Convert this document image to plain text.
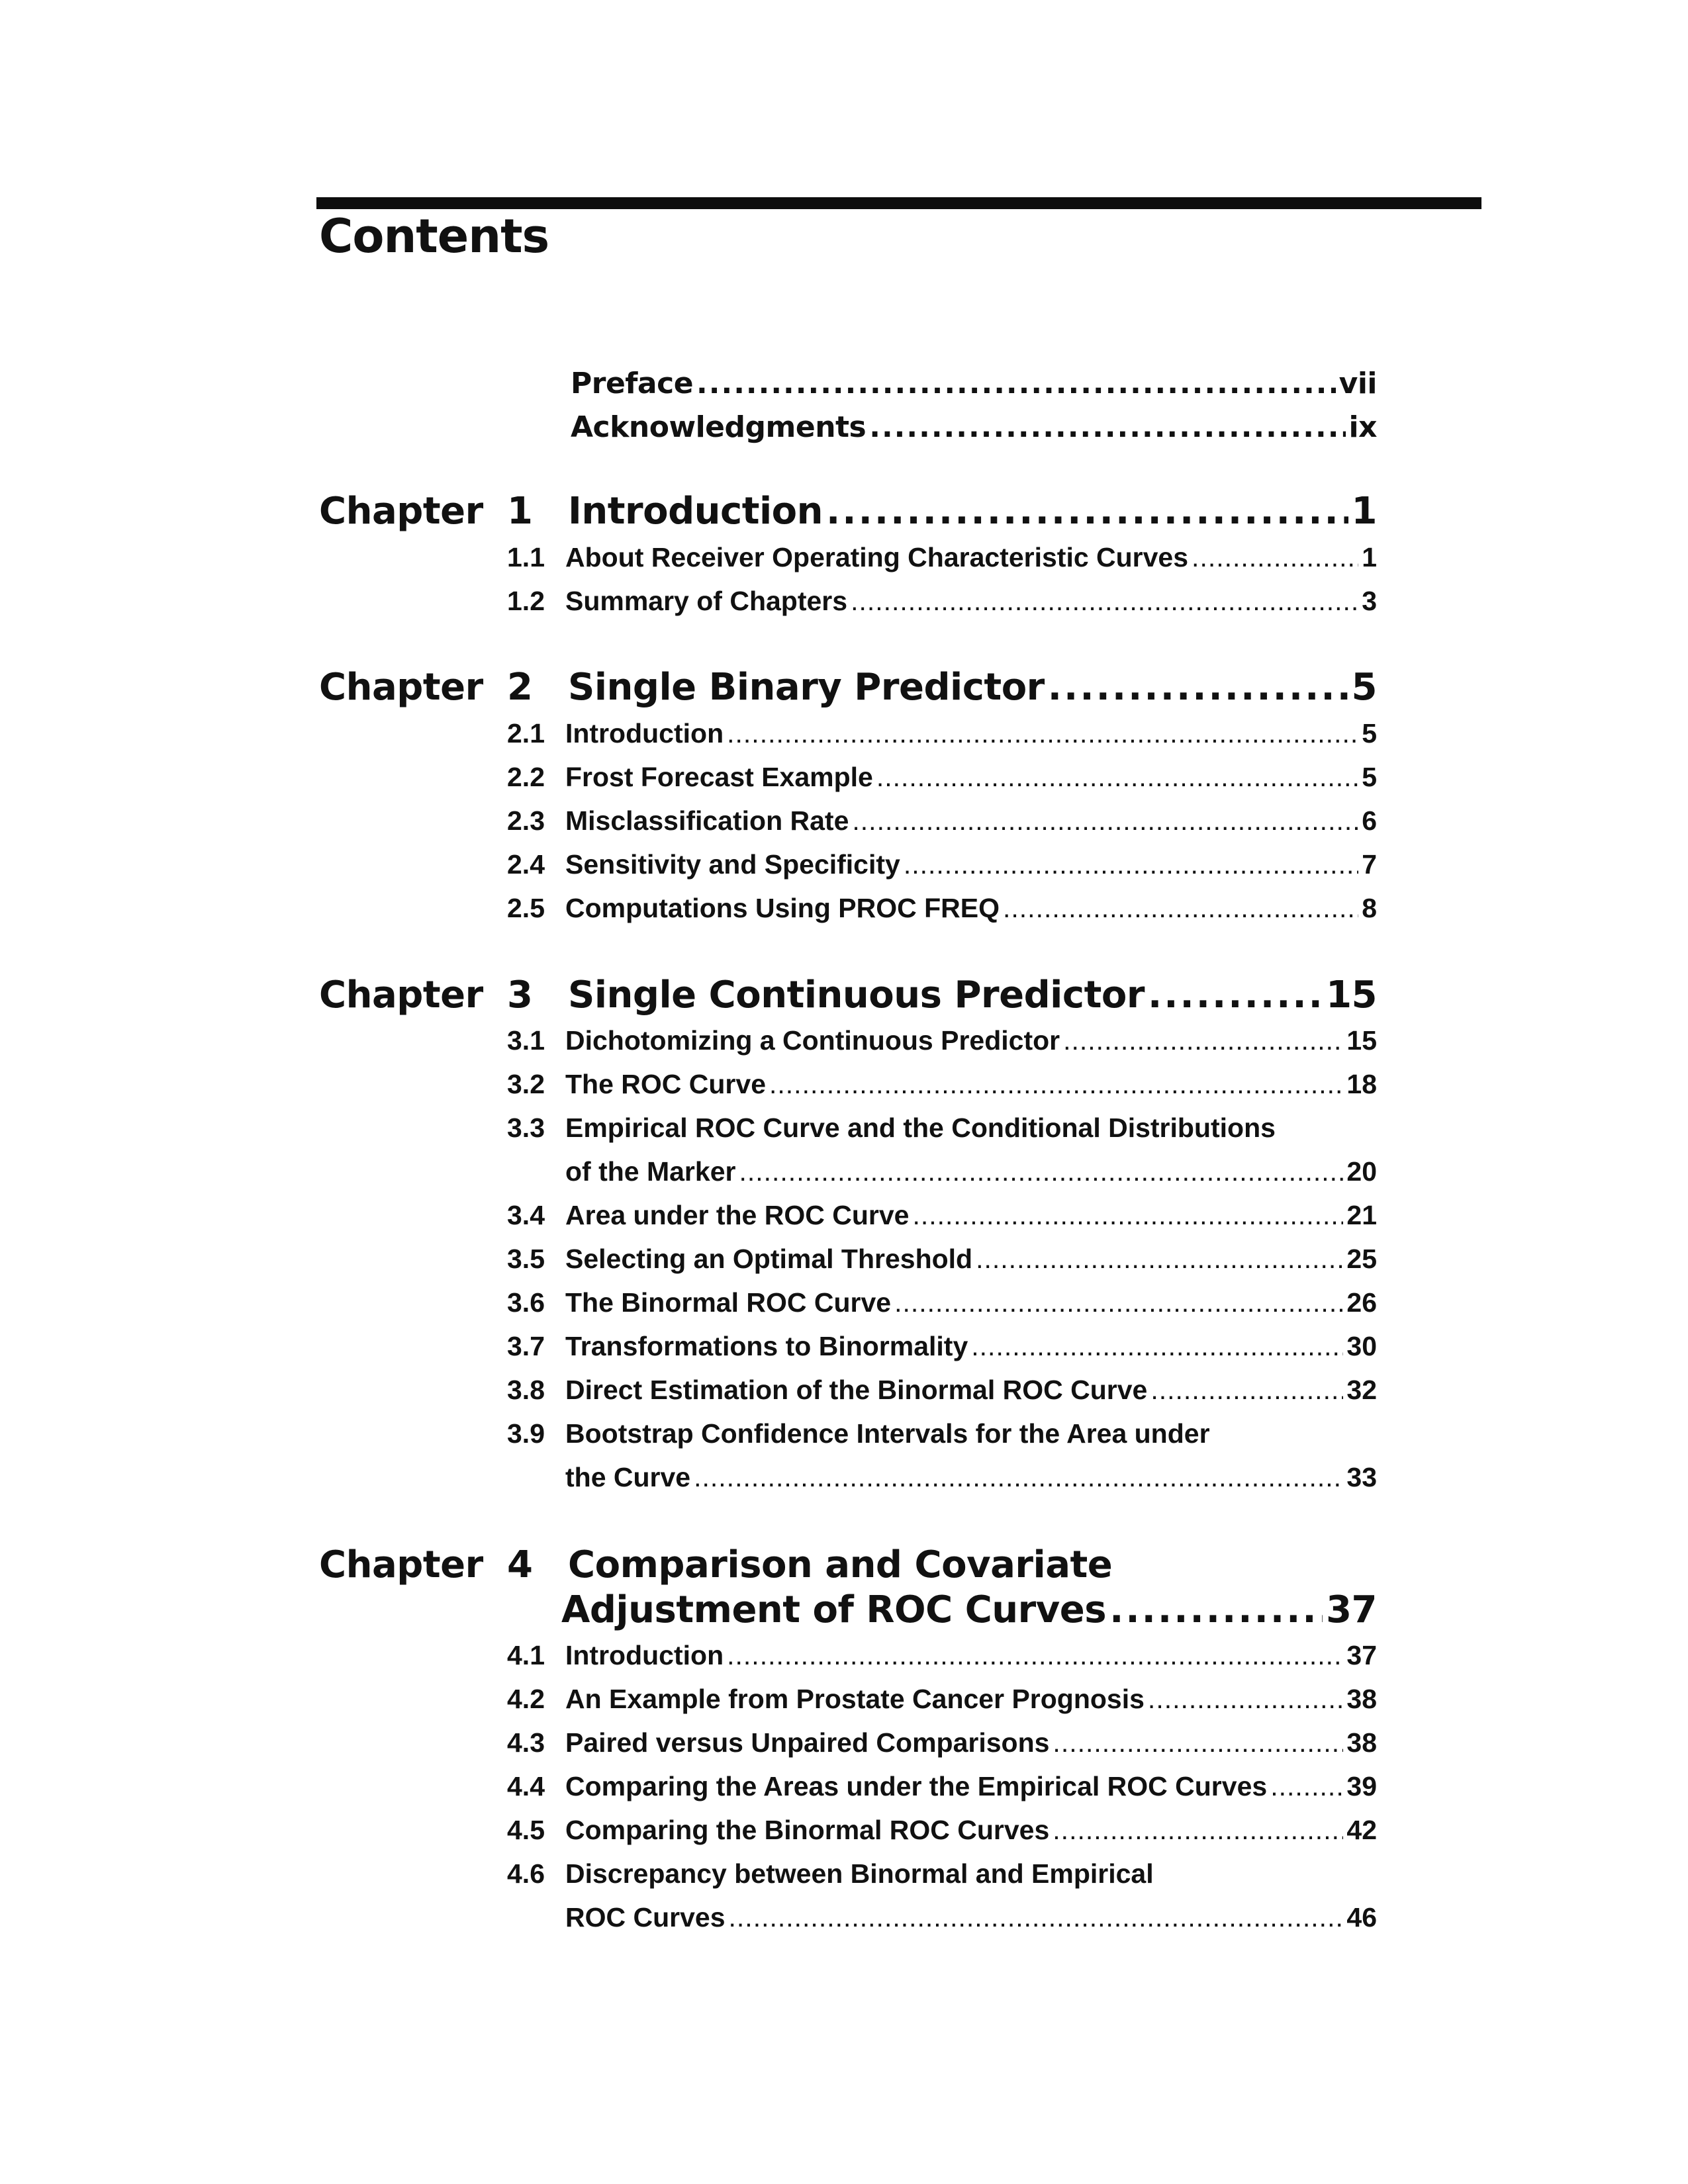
Contents
Preface .....	vii
Acknowledgments .....	ix
Chapter 1 Introduction .....	1
1.1 About Receiver Operating Characteristic Curves .....	1
1.2 Summary of Chapters .....	3
Chapter 2 Single Binary Predictor .....	5
2.1 Introduction .....	5
2.2 Frost Forecast Example .....	5
2.3 Misclassification Rate .....	6
2.4 Sensitivity and Specificity .....	7
2.5 Computations Using PROC FREQ .....	8
Chapter 3 Single Continuous Predictor .....	15
3.1 Dichotomizing a Continuous Predictor .....	15
3.2 The ROC Curve .....	18
3.3 Empirical ROC Curve and the Conditional Distributions
of the Marker .....	20
3.4 Area under the ROC Curve .....	21
3.5 Selecting an Optimal Threshold .....	25
3.6 The Binormal ROC Curve .....	26
3.7 Transformations to Binormality .....	30
3.8 Direct Estimation of the Binormal ROC Curve .....	32
3.9 Bootstrap Confidence Intervals for the Area under
the Curve .....	33
Chapter 4 Comparison and Covariate
Adjustment of ROC Curves .....	37
4.1 Introduction .....	37
4.2 An Example from Prostate Cancer Prognosis .....	38
4.3 Paired versus Unpaired Comparisons .....	38
4.4 Comparing the Areas under the Empirical ROC Curves .....	39
4.5 Comparing the Binormal ROC Curves .....	42
4.6 Discrepancy between Binormal and Empirical
ROC Curves .....	46
